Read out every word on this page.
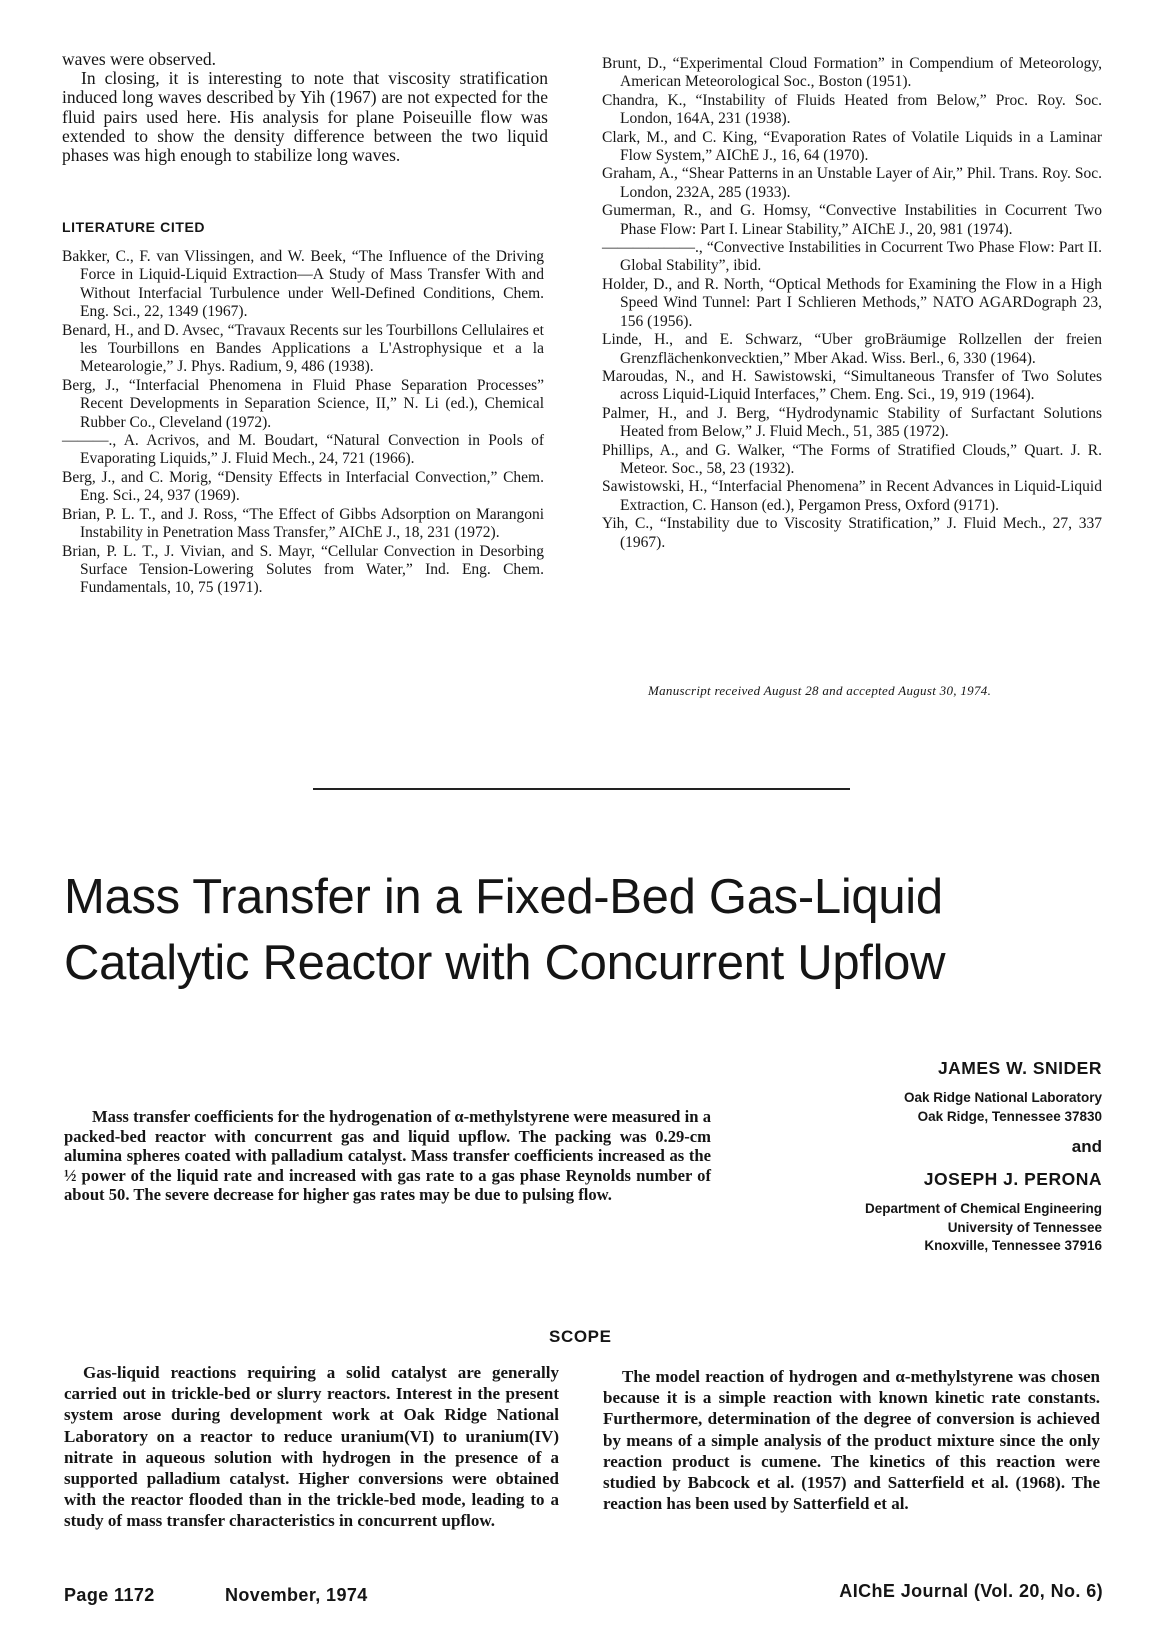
waves were observed.

In closing, it is interesting to note that viscosity stratification induced long waves described by Yih (1967) are not expected for the fluid pairs used here. His analysis for plane Poiseuille flow was extended to show the density difference between the two liquid phases was high enough to stabilize long waves.

LITERATURE CITED

Bakker, C., F. van Vlissingen, and W. Beek, “The Influence of the Driving Force in Liquid-Liquid Extraction—A Study of Mass Transfer With and Without Interfacial Turbulence under Well-Defined Conditions, Chem. Eng. Sci., 22, 1349 (1967).

Benard, H., and D. Avsec, “Travaux Recents sur les Tourbillons Cellulaires et les Tourbillons en Bandes Applications a L'Astrophysique et a la Metearologie,” J. Phys. Radium, 9, 486 (1938).

Berg, J., “Interfacial Phenomena in Fluid Phase Separation Processes” Recent Developments in Separation Science, II,” N. Li (ed.), Chemical Rubber Co., Cleveland (1972).

———., A. Acrivos, and M. Boudart, “Natural Convection in Pools of Evaporating Liquids,” J. Fluid Mech., 24, 721 (1966).

Berg, J., and C. Morig, “Density Effects in Interfacial Convection,” Chem. Eng. Sci., 24, 937 (1969).

Brian, P. L. T., and J. Ross, “The Effect of Gibbs Adsorption on Marangoni Instability in Penetration Mass Transfer,” AIChE J., 18, 231 (1972).

Brian, P. L. T., J. Vivian, and S. Mayr, “Cellular Convection in Desorbing Surface Tension-Lowering Solutes from Water,” Ind. Eng. Chem. Fundamentals, 10, 75 (1971).

Brunt, D., “Experimental Cloud Formation” in Compendium of Meteorology, American Meteorological Soc., Boston (1951).

Chandra, K., “Instability of Fluids Heated from Below,” Proc. Roy. Soc. London, 164A, 231 (1938).

Clark, M., and C. King, “Evaporation Rates of Volatile Liquids in a Laminar Flow System,” AIChE J., 16, 64 (1970).

Graham, A., “Shear Patterns in an Unstable Layer of Air,” Phil. Trans. Roy. Soc. London, 232A, 285 (1933).

Gumerman, R., and G. Homsy, “Convective Instabilities in Cocurrent Two Phase Flow: Part I. Linear Stability,” AIChE J., 20, 981 (1974).

——————., “Convective Instabilities in Cocurrent Two Phase Flow: Part II. Global Stability”, ibid.

Holder, D., and R. North, “Optical Methods for Examining the Flow in a High Speed Wind Tunnel: Part I Schlieren Methods,” NATO AGARDograph 23, 156 (1956).

Linde, H., and E. Schwarz, “Uber groBräumige Rollzellen der freien Grenzflächenkonvecktien,” Mber Akad. Wiss. Berl., 6, 330 (1964).

Maroudas, N., and H. Sawistowski, “Simultaneous Transfer of Two Solutes across Liquid-Liquid Interfaces,” Chem. Eng. Sci., 19, 919 (1964).

Palmer, H., and J. Berg, “Hydrodynamic Stability of Surfactant Solutions Heated from Below,” J. Fluid Mech., 51, 385 (1972).

Phillips, A., and G. Walker, “The Forms of Stratified Clouds,” Quart. J. R. Meteor. Soc., 58, 23 (1932).

Sawistowski, H., “Interfacial Phenomena” in Recent Advances in Liquid-Liquid Extraction, C. Hanson (ed.), Pergamon Press, Oxford (9171).

Yih, C., “Instability due to Viscosity Stratification,” J. Fluid Mech., 27, 337 (1967).

Manuscript received August 28 and accepted August 30, 1974.
Mass Transfer in a Fixed-Bed Gas-Liquid
Catalytic Reactor with Concurrent Upflow
Mass transfer coefficients for the hydrogenation of α-methylstyrene were measured in a packed-bed reactor with concurrent gas and liquid upflow. The packing was 0.29-cm alumina spheres coated with palladium catalyst. Mass transfer coefficients increased as the ½ power of the liquid rate and increased with gas rate to a gas phase Reynolds number of about 50. The severe decrease for higher gas rates may be due to pulsing flow.
JAMES W. SNIDER
Oak Ridge National Laboratory
Oak Ridge, Tennessee 37830
and
JOSEPH J. PERONA
Department of Chemical Engineering
University of Tennessee
Knoxville, Tennessee 37916
SCOPE
Gas-liquid reactions requiring a solid catalyst are generally carried out in trickle-bed or slurry reactors. Interest in the present system arose during development work at Oak Ridge National Laboratory on a reactor to reduce uranium(VI) to uranium(IV) nitrate in aqueous solution with hydrogen in the presence of a supported palladium catalyst. Higher conversions were obtained with the reactor flooded than in the trickle-bed mode, leading to a study of mass transfer characteristics in concurrent upflow.
The model reaction of hydrogen and α-methylstyrene was chosen because it is a simple reaction with known kinetic rate constants. Furthermore, determination of the degree of conversion is achieved by means of a simple analysis of the product mixture since the only reaction product is cumene. The kinetics of this reaction were studied by Babcock et al. (1957) and Satterfield et al. (1968). The reaction has been used by Satterfield et al.
Page 1172	November, 1974	AIChE Journal (Vol. 20, No. 6)
